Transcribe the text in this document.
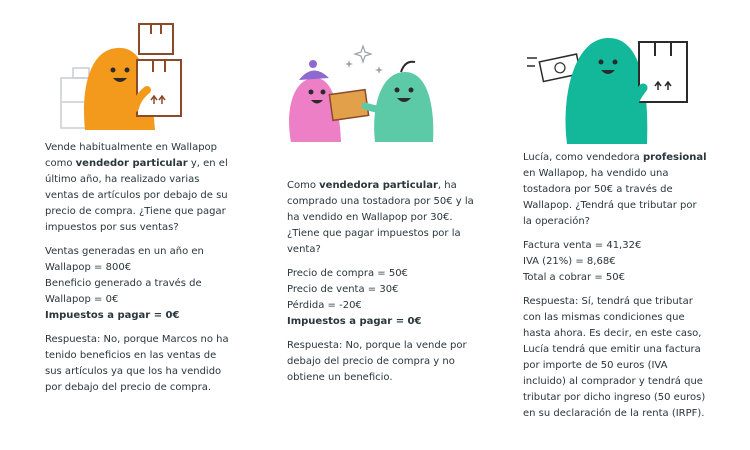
Vende habitualmente en Wallapop como vendedor particular y, en el último año, ha realizado varias ventas de artículos por debajo de su precio de compra. ¿Tiene que pagar impuestos por sus ventas?

Ventas generadas en un año en Wallapop = 800€
Beneficio generado a través de Wallapop = 0€
Impuestos a pagar = 0€

Respuesta: No, porque Marcos no ha tenido beneficios en las ventas de sus artículos ya que los ha vendido por debajo del precio de compra.

Como vendedora particular, ha comprado una tostadora por 50€ y la ha vendido en Wallapop por 30€. ¿Tiene que pagar impuestos por la venta?

Precio de compra = 50€
Precio de venta = 30€
Pérdida = -20€
Impuestos a pagar = 0€

Respuesta: No, porque la vende por debajo del precio de compra y no obtiene un beneficio.

Lucía, como vendedora profesional en Wallapop, ha vendido una tostadora por 50€ a través de Wallapop. ¿Tendrá que tributar por la operación?

Factura venta = 41,32€
IVA (21%) = 8,68€
Total a cobrar = 50€

Respuesta: Sí, tendrá que tributar con las mismas condiciones que hasta ahora. Es decir, en este caso, Lucía tendrá que emitir una factura por importe de 50 euros (IVA incluido) al comprador y tendrá que tributar por dicho ingreso (50 euros) en su declaración de la renta (IRPF).
